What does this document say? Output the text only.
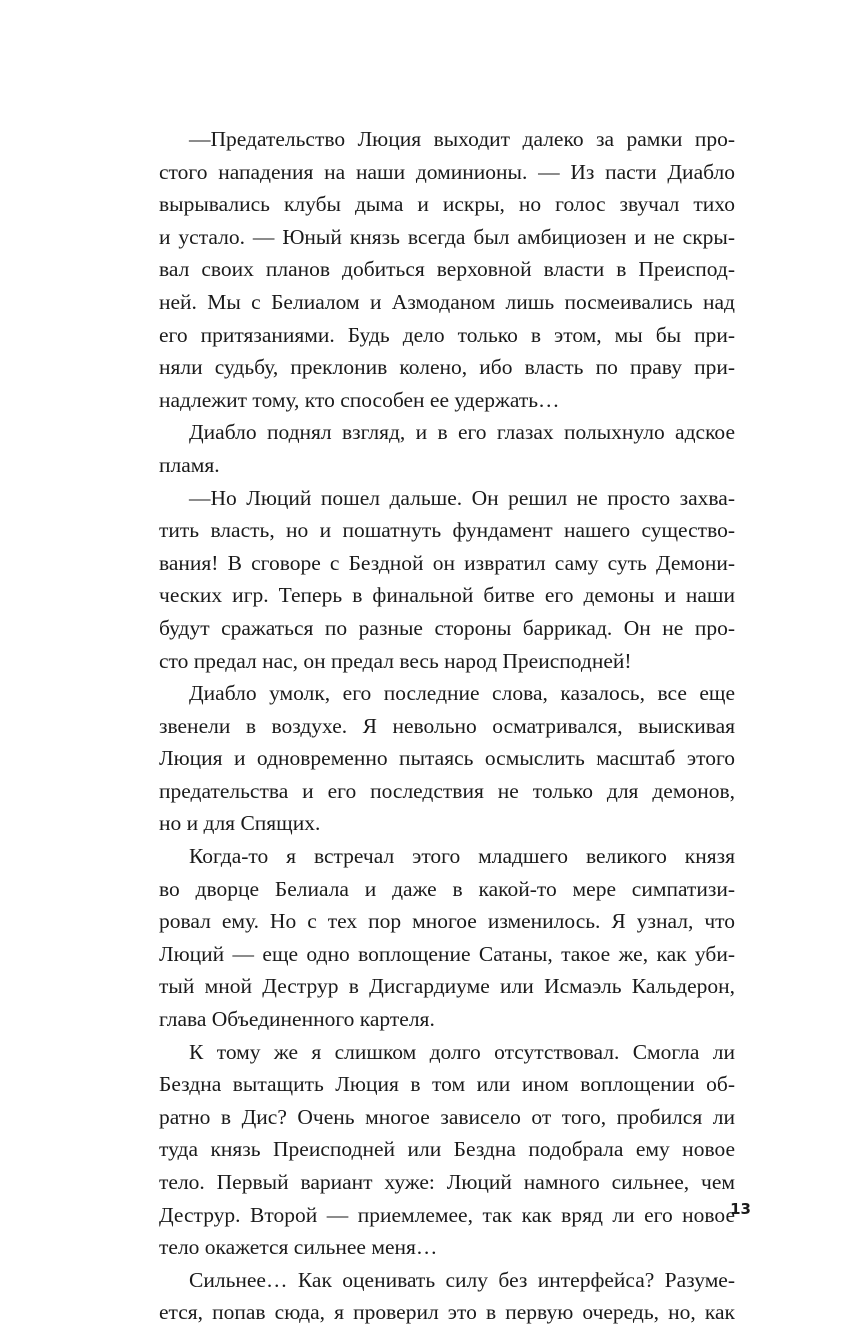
—Предательство Люция выходит далеко за рамки про-
стого нападения на наши доминионы. — Из пасти Диабло
вырывались клубы дыма и искры, но голос звучал тихо
и устало. — Юный князь всегда был амбициозен и не скры-
вал своих планов добиться верховной власти в Преиспод-
ней. Мы с Белиалом и Азмоданом лишь посмеивались над
его притязаниями. Будь дело только в этом, мы бы при-
няли судьбу, преклонив колено, ибо власть по праву при-
надлежит тому, кто способен ее удержать…
Диабло поднял взгляд, и в его глазах полыхнуло адское
пламя.
—Но Люций пошел дальше. Он решил не просто захва-
тить власть, но и пошатнуть фундамент нашего существо-
вания! В сговоре с Бездной он извратил саму суть Демони-
ческих игр. Теперь в финальной битве его демоны и наши
будут сражаться по разные стороны баррикад. Он не про-
сто предал нас, он предал весь народ Преисподней!
Диабло умолк, его последние слова, казалось, все еще
звенели в воздухе. Я невольно осматривался, выискивая
Люция и одновременно пытаясь осмыслить масштаб этого
предательства и его последствия не только для демонов,
но и для Спящих.
Когда-то я встречал этого младшего великого князя
во дворце Белиала и даже в какой-то мере симпатизи-
ровал ему. Но с тех пор многое изменилось. Я узнал, что
Люций — еще одно воплощение Сатаны, такое же, как уби-
тый мной Деструр в Дисгардиуме или Исмаэль Кальдерон,
глава Объединенного картеля.
К тому же я слишком долго отсутствовал. Смогла ли
Бездна вытащить Люция в том или ином воплощении об-
ратно в Дис? Очень многое зависело от того, пробился ли
туда князь Преисподней или Бездна подобрала ему новое
тело. Первый вариант хуже: Люций намного сильнее, чем
Деструр. Второй — приемлемее, так как вряд ли его новое
тело окажется сильнее меня…
Сильнее… Как оценивать силу без интерфейса? Разуме-
ется, попав сюда, я проверил это в первую очередь, но, как
13
